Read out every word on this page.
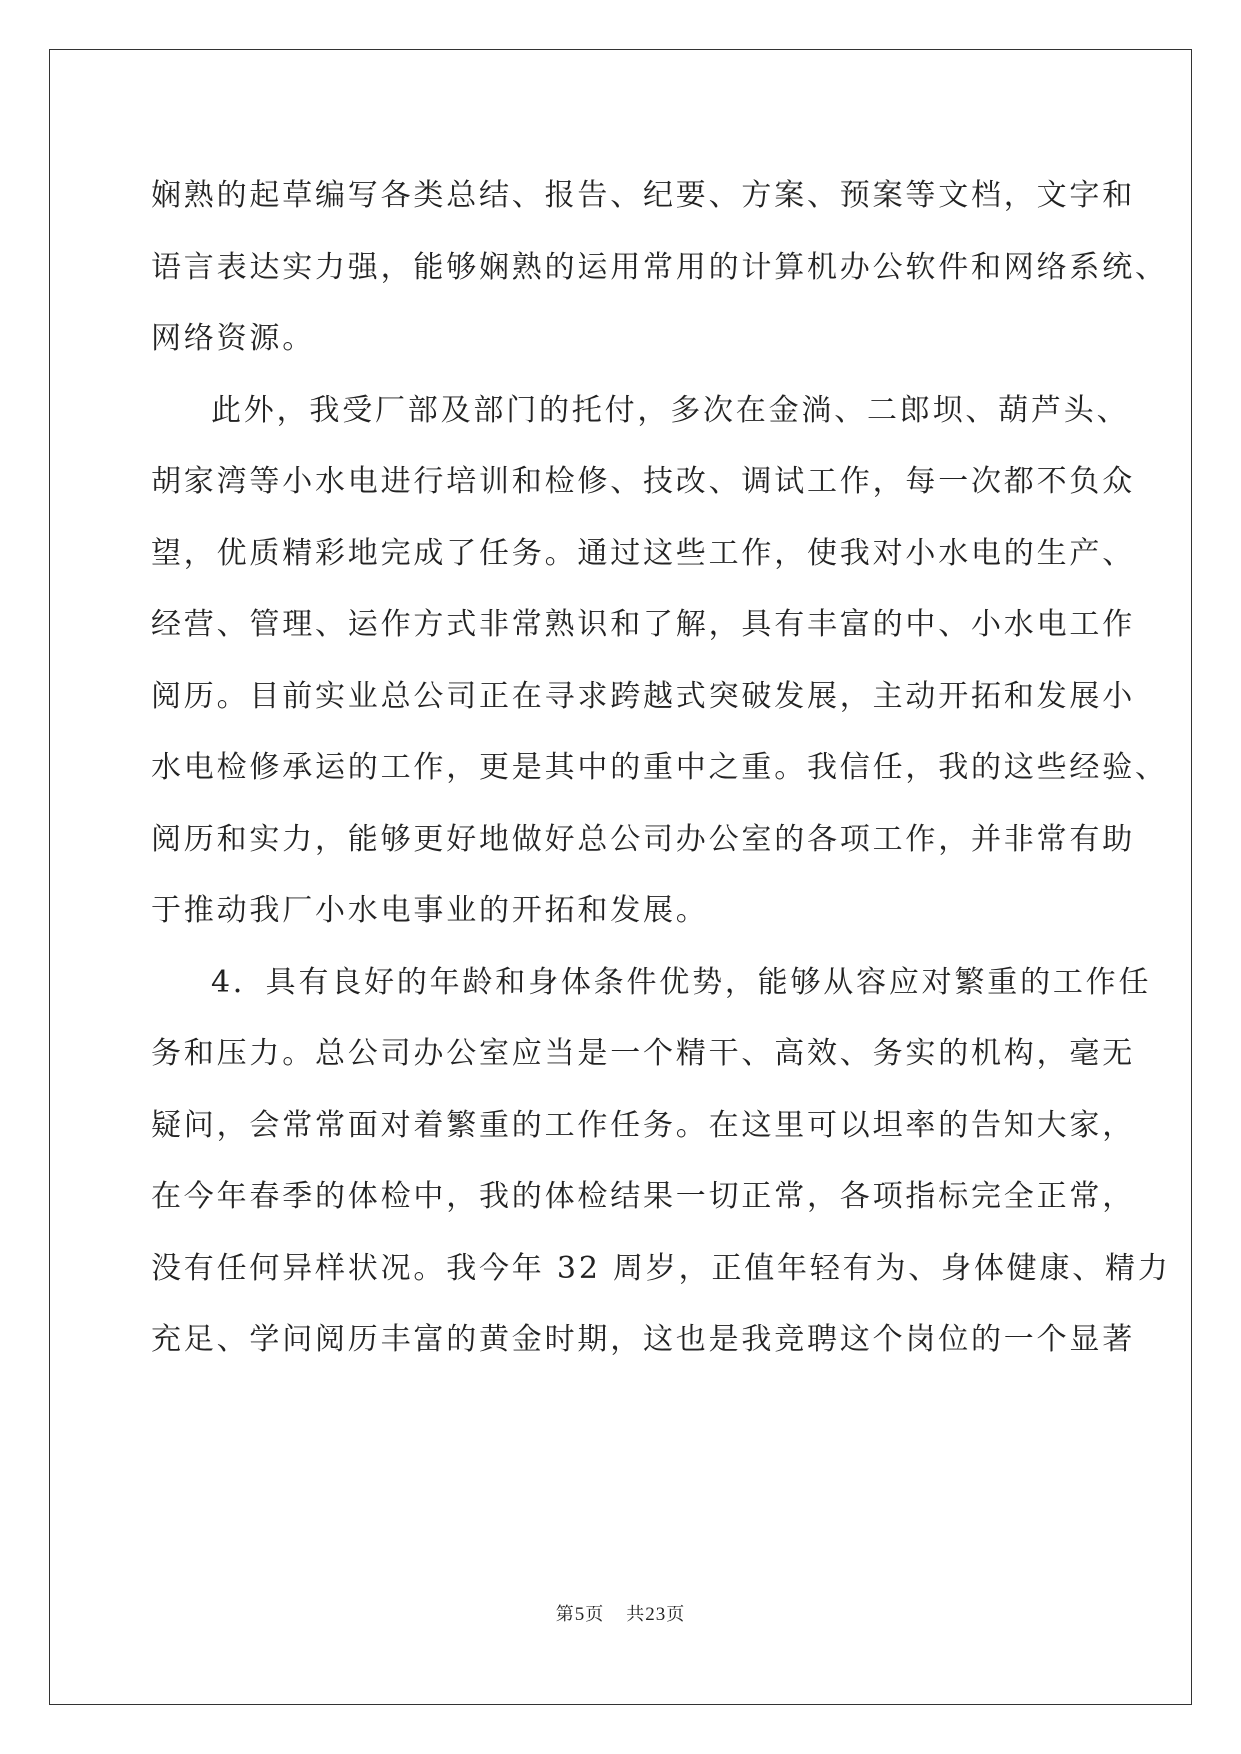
娴熟的起草编写各类总结、报告、纪要、方案、预案等文档，文字和
语言表达实力强，能够娴熟的运用常用的计算机办公软件和网络系统、
网络资源。
此外，我受厂部及部门的托付，多次在金淌、二郎坝、葫芦头、
胡家湾等小水电进行培训和检修、技改、调试工作，每一次都不负众
望，优质精彩地完成了任务。通过这些工作，使我对小水电的生产、
经营、管理、运作方式非常熟识和了解，具有丰富的中、小水电工作
阅历。目前实业总公司正在寻求跨越式突破发展，主动开拓和发展小
水电检修承运的工作，更是其中的重中之重。我信任，我的这些经验、
阅历和实力，能够更好地做好总公司办公室的各项工作，并非常有助
于推动我厂小水电事业的开拓和发展。
4．具有良好的年龄和身体条件优势，能够从容应对繁重的工作任
务和压力。总公司办公室应当是一个精干、高效、务实的机构，毫无
疑问，会常常面对着繁重的工作任务。在这里可以坦率的告知大家，
在今年春季的体检中，我的体检结果一切正常，各项指标完全正常，
没有任何异样状况。我今年 32 周岁，正值年轻有为、身体健康、精力
充足、学问阅历丰富的黄金时期，这也是我竞聘这个岗位的一个显著
第5页 共23页
